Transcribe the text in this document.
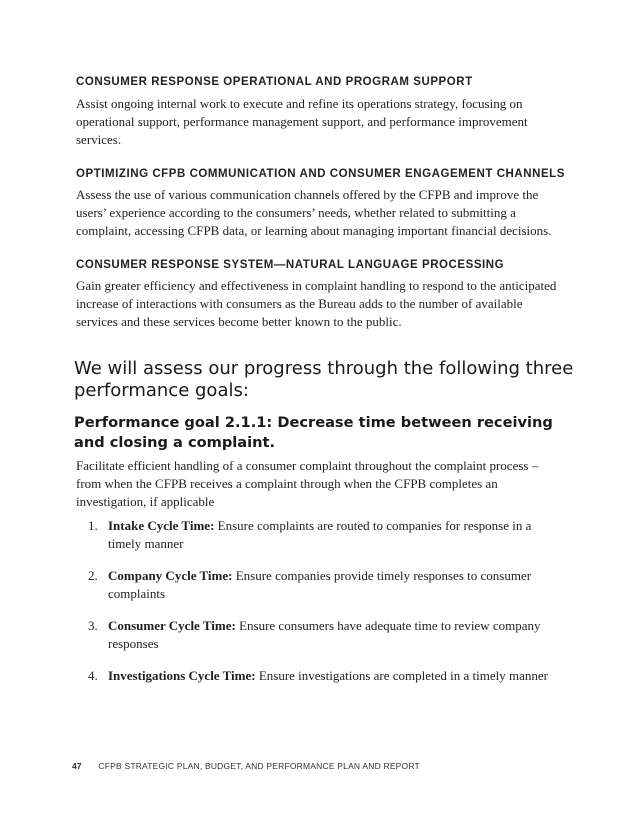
CONSUMER RESPONSE OPERATIONAL AND PROGRAM SUPPORT

Assist ongoing internal work to execute and refine its operations strategy, focusing on operational support, performance management support, and performance improvement services.

OPTIMIZING CFPB COMMUNICATION AND CONSUMER ENGAGEMENT CHANNELS

Assess the use of various communication channels offered by the CFPB and improve the users’ experience according to the consumers’ needs, whether related to submitting a complaint, accessing CFPB data, or learning about managing important financial decisions.

CONSUMER RESPONSE SYSTEM—NATURAL LANGUAGE PROCESSING

Gain greater efficiency and effectiveness in complaint handling to respond to the anticipated increase of interactions with consumers as the Bureau adds to the number of available services and these services become better known to the public.

We will assess our progress through the following three performance goals:
Performance goal 2.1.1: Decrease time between receiving and closing a complaint.

Facilitate efficient handling of a consumer complaint throughout the complaint process – from when the CFPB receives a complaint through when the CFPB completes an investigation, if applicable

1. Intake Cycle Time: Ensure complaints are routed to companies for response in a timely manner
2. Company Cycle Time: Ensure companies provide timely responses to consumer complaints
3. Consumer Cycle Time: Ensure consumers have adequate time to review company responses
4. Investigations Cycle Time: Ensure investigations are completed in a timely manner
47 CFPB STRATEGIC PLAN, BUDGET, AND PERFORMANCE PLAN AND REPORT
